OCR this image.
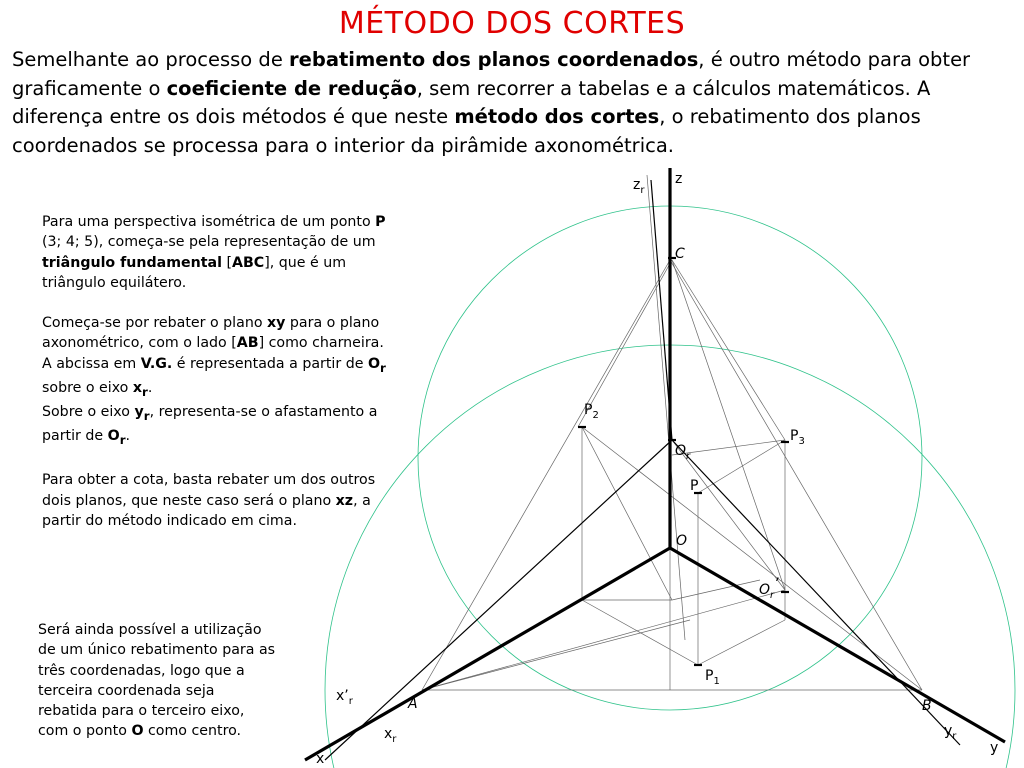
MÉTODO DOS CORTES
Semelhante ao processo de rebatimento dos planos coordenados, é outro método para obter graficamente o coeficiente de redução, sem recorrer a tabelas e a cálculos matemáticos. A diferença entre os dois métodos é que neste método dos cortes, o rebatimento dos planos coordenados se processa para o interior da pirâmide axonométrica.

Para uma perspectiva isométrica de um ponto P (3; 4; 5), começa-se pela representação de um triângulo fundamental [ABC], que é um triângulo equilátero.

Começa-se por rebater o plano xy para o plano axonométrico, com o lado [AB] como charneira.
A abcissa em V.G. é representada a partir de $O_r$ sobre o eixo $x_r$.
Sobre o eixo $y_r$, representa-se o afastamento a partir de $O_r$.

Para obter a cota, basta rebater um dos outros dois planos, que neste caso será o plano xz, a partir do método indicado em cima.

Será ainda possível a utilização de um único rebatimento para as três coordenadas, logo que a terceira coordenada seja rebatida para o terceiro eixo, com o ponto O como centro.

z
$z_r$
C
$P_2$
$P_3$
$O_r$
P
O
$O_r$’
$P_1$
$x’_r$	A	B
$x_r$
$y_r$
x
y
